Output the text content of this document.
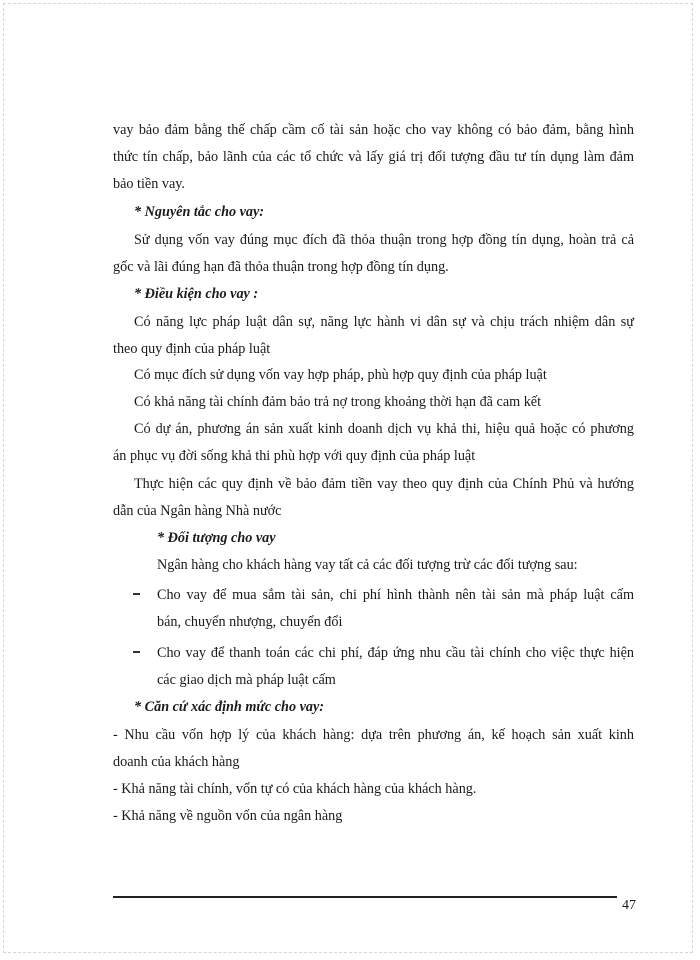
vay bảo đảm bằng thế chấp cầm cố tài sản hoặc cho vay không có bảo đảm, bằng hình
thức tín chấp, bảo lãnh của các tổ chức và lấy giá trị đối tượng đầu tư tín dụng làm đảm
bảo tiền vay.
* Nguyên tắc cho vay:
Sử dụng vốn vay đúng mục đích đã thỏa thuận trong hợp đồng tín dụng, hoàn trả cả
gốc và lãi đúng hạn đã thỏa thuận trong hợp đồng tín dụng.
* Điều kiện cho vay :
Có năng lực pháp luật dân sự, năng lực hành vi dân sự và chịu trách nhiệm dân sự
theo quy định của pháp luật
Có mục đích sử dụng vốn vay hợp pháp, phù hợp quy định của pháp luật
Có khả năng tài chính đảm bảo trả nợ trong khoảng thời hạn đã cam kết
Có dự án, phương án sản xuất kinh doanh dịch vụ khả thi, hiệu quả hoặc có phương
án phục vụ đời sống khả thi phù hợp với quy định của pháp luật
Thực hiện các quy định về bảo đảm tiền vay theo quy định của Chính Phủ và hướng
dẫn của Ngân hàng Nhà nước
* Đối tượng cho vay
Ngân hàng cho khách hàng vay tất cả các đối tượng trừ các đối tượng sau:
Cho vay để mua sắm tài sản, chi phí hình thành nên tài sản mà pháp luật cấm
bán, chuyển nhượng, chuyển đổi
Cho vay để thanh toán các chi phí, đáp ứng nhu cầu tài chính cho việc thực hiện
các giao dịch mà pháp luật cấm
* Căn cứ xác định mức cho vay:
- Nhu cầu vốn hợp lý của khách hàng: dựa trên phương án, kế hoạch sản xuất kinh
doanh của khách hàng
- Khả năng tài chính, vốn tự có của khách hàng của khách hàng.
- Khả năng về nguồn vốn của ngân hàng
47
